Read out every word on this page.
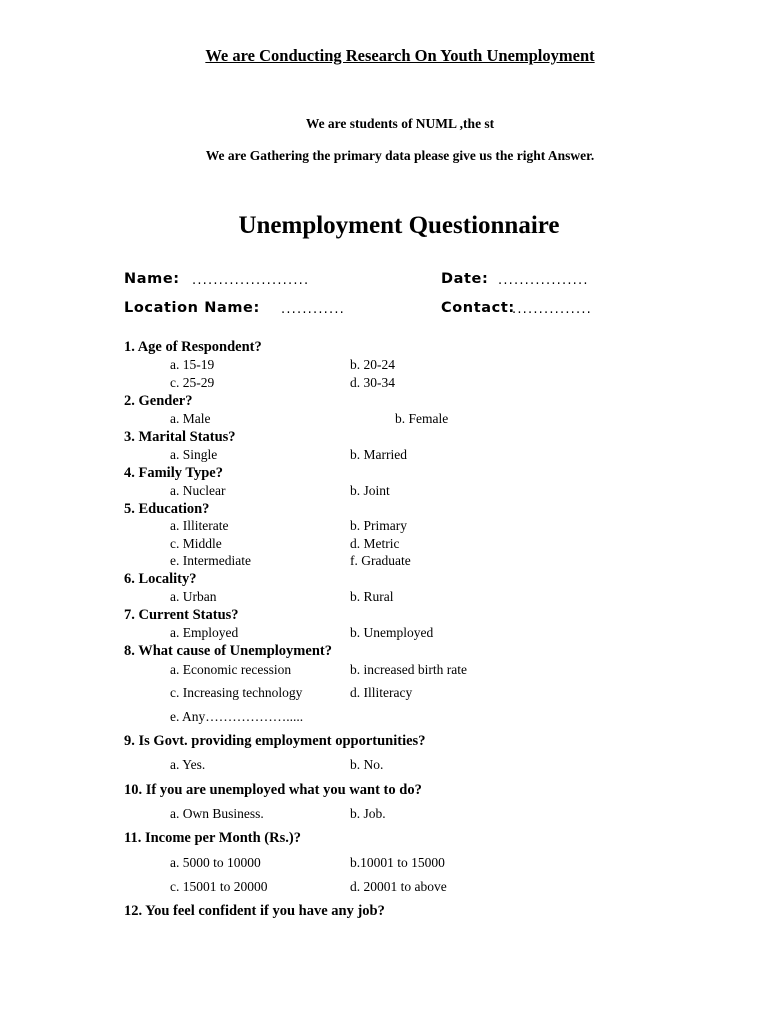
We are Conducting Research On Youth Unemployment
We are students of NUML ,the st
We are Gathering the primary data please give us the right Answer.
Unemployment Questionnaire
Name: ......................	Date: .................
Location Name: ............	Contact:
...............
1. Age of Respondent?
a. 15-19	b. 20-24
c. 25-29	d. 30-34
2. Gender?
a. Male	b. Female
3. Marital Status?
a. Single	b. Married
4. Family Type?
a. Nuclear	b. Joint
5. Education?
a. Illiterate	b. Primary
c. Middle	d. Metric
e. Intermediate	f. Graduate
6. Locality?
a. Urban	b. Rural
7. Current Status?
a. Employed	b. Unemployed
8. What cause of Unemployment?
a. Economic recession	b. increased birth rate
c. Increasing technology	d. Illiteracy
e. Any……………….....
9. Is Govt. providing employment opportunities?
a. Yes.	b. No.
10. If you are unemployed what you want to do?
a. Own Business.	b. Job.
11. Income per Month (Rs.)?
a. 5000 to 10000	b.10001 to 15000
c. 15001 to 20000	d. 20001 to above
12. You feel confident if you have any job?
